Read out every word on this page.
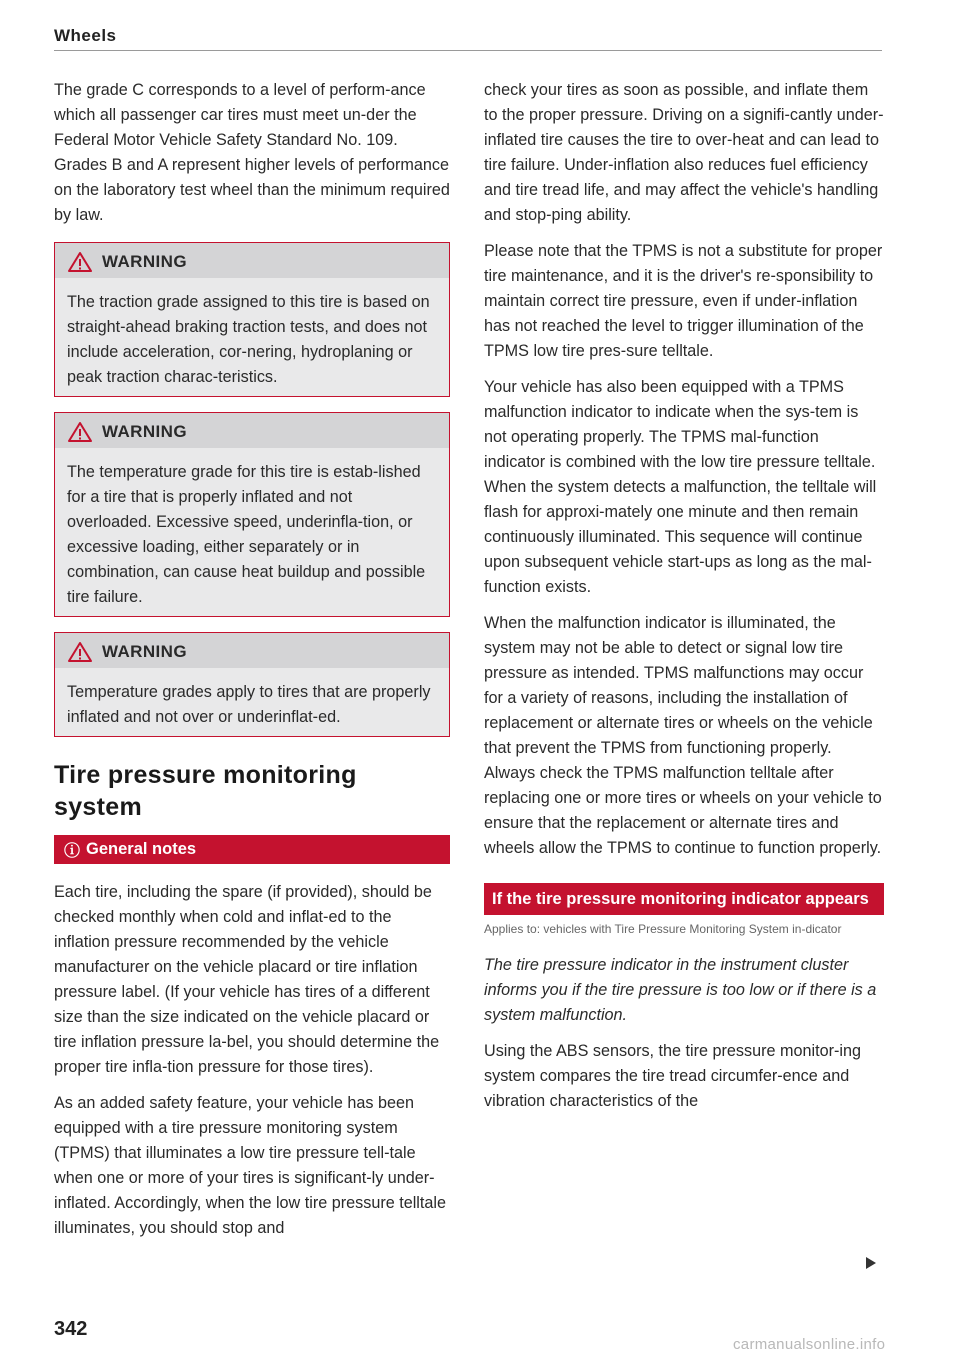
Wheels

The grade C corresponds to a level of perform-ance which all passenger car tires must meet un-der the Federal Motor Vehicle Safety Standard No. 109. Grades B and A represent higher levels of performance on the laboratory test wheel than the minimum required by law.

WARNING
The traction grade assigned to this tire is based on straight-ahead braking traction tests, and does not include acceleration, cor-nering, hydroplaning or peak traction charac-teristics.
WARNING
The temperature grade for this tire is estab-lished for a tire that is properly inflated and not overloaded. Excessive speed, underinfla-tion, or excessive loading, either separately or in combination, can cause heat buildup and possible tire failure.
WARNING
Temperature grades apply to tires that are properly inflated and not over or underinflat-ed.
Tire pressure monitoring system
ⓘ General notes

Each tire, including the spare (if provided), should be checked monthly when cold and inflat-ed to the inflation pressure recommended by the vehicle manufacturer on the vehicle placard or tire inflation pressure label. (If your vehicle has tires of a different size than the size indicated on the vehicle placard or tire inflation pressure la-bel, you should determine the proper tire infla-tion pressure for those tires).

As an added safety feature, your vehicle has been equipped with a tire pressure monitoring system (TPMS) that illuminates a low tire pressure tell-tale when one or more of your tires is significant-ly under-inflated. Accordingly, when the low tire pressure telltale illuminates, you should stop and

check your tires as soon as possible, and inflate them to the proper pressure. Driving on a signifi-cantly under-inflated tire causes the tire to over-heat and can lead to tire failure. Under-inflation also reduces fuel efficiency and tire tread life, and may affect the vehicle's handling and stop-ping ability.

Please note that the TPMS is not a substitute for proper tire maintenance, and it is the driver's re-sponsibility to maintain correct tire pressure, even if under-inflation has not reached the level to trigger illumination of the TPMS low tire pres-sure telltale.

Your vehicle has also been equipped with a TPMS malfunction indicator to indicate when the sys-tem is not operating properly. The TPMS mal-function indicator is combined with the low tire pressure telltale. When the system detects a malfunction, the telltale will flash for approxi-mately one minute and then remain continuously illuminated. This sequence will continue upon subsequent vehicle start-ups as long as the mal-function exists.

When the malfunction indicator is illuminated, the system may not be able to detect or signal low tire pressure as intended. TPMS malfunctions may occur for a variety of reasons, including the installation of replacement or alternate tires or wheels on the vehicle that prevent the TPMS from functioning properly. Always check the TPMS malfunction telltale after replacing one or more tires or wheels on your vehicle to ensure that the replacement or alternate tires and wheels allow the TPMS to continue to function properly.

If the tire pressure monitoring indicator appears
Applies to: vehicles with Tire Pressure Monitoring System in-dicator

The tire pressure indicator in the instrument cluster informs you if the tire pressure is too low or if there is a system malfunction.

Using the ABS sensors, the tire pressure monitor-ing system compares the tire tread circumfer-ence and vibration characteristics of the

342
carmanualsonline.info
